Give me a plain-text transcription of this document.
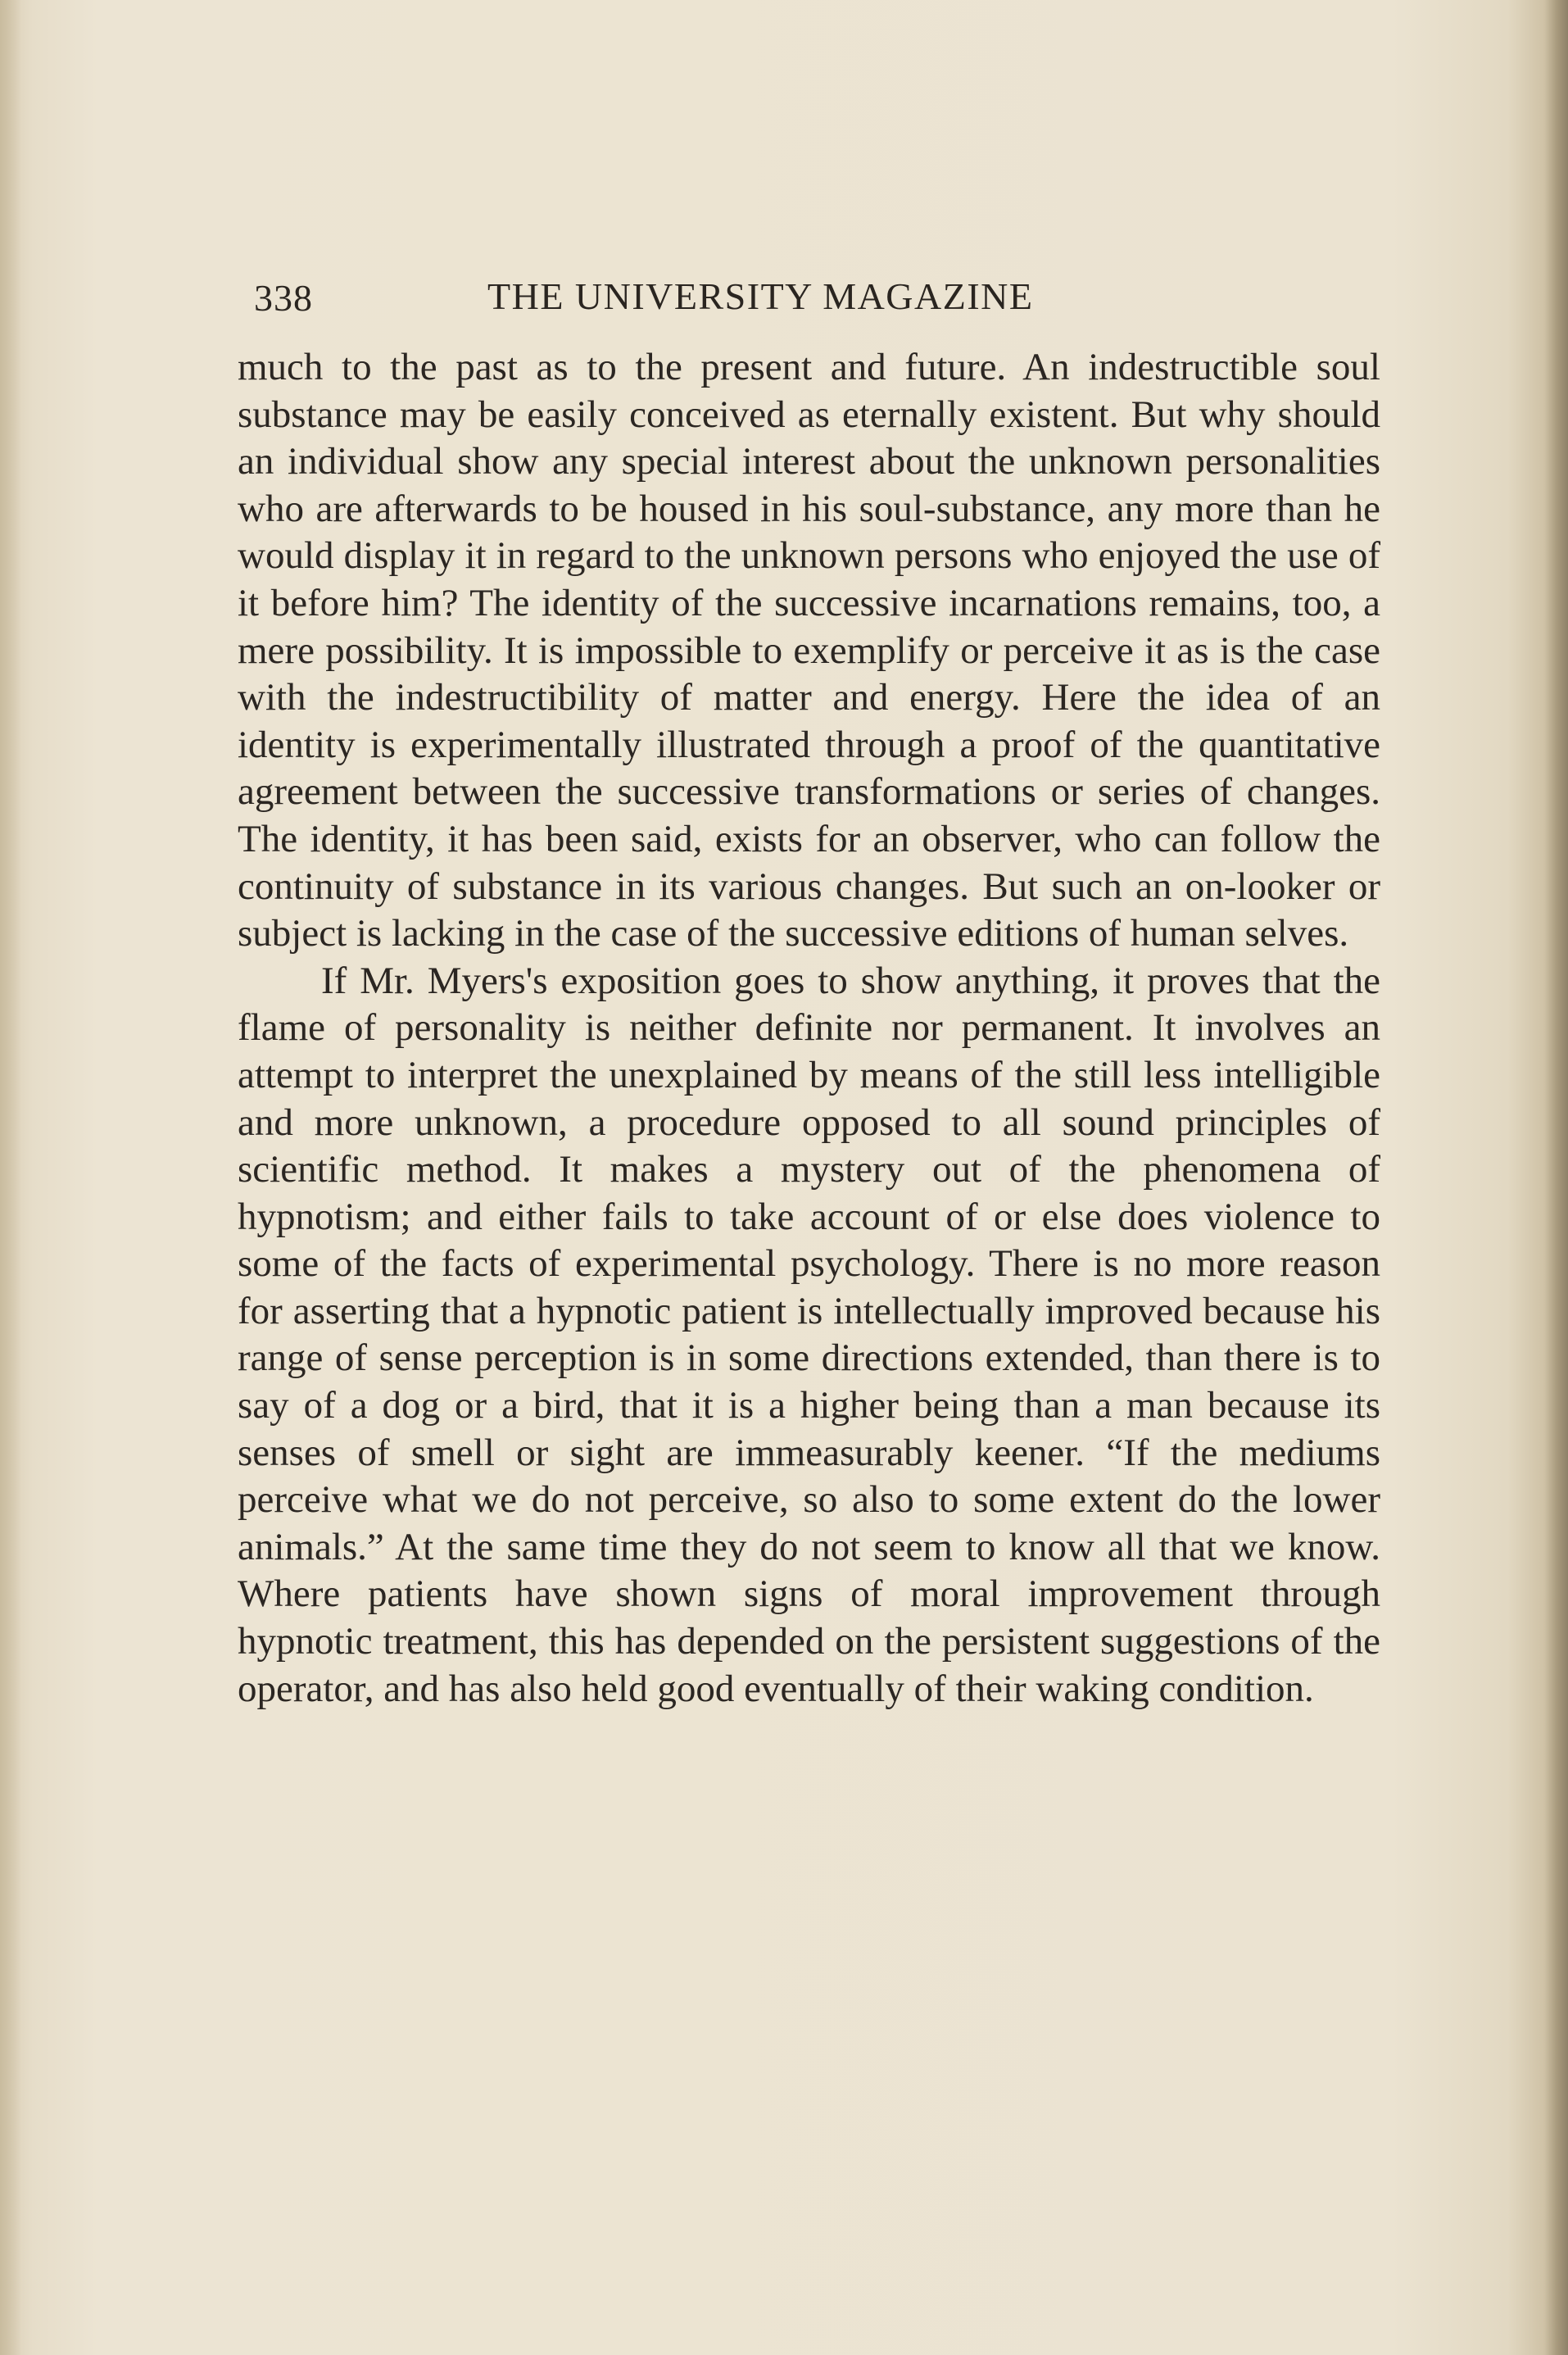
338	THE UNIVERSITY MAGAZINE

much to the past as to the present and future. An indestructible soul substance may be easily conceived as eternally existent. But why should an individual show any special interest about the unknown personalities who are afterwards to be housed in his soul-substance, any more than he would display it in regard to the unknown persons who enjoyed the use of it before him? The identity of the successive incarnations remains, too, a mere possibility. It is impossible to exemplify or perceive it as is the case with the indestructibility of matter and energy. Here the idea of an identity is experimentally illustrated through a proof of the quantitative agreement between the successive transformations or series of changes. The identity, it has been said, exists for an observer, who can follow the continuity of substance in its various changes. But such an on-looker or subject is lacking in the case of the successive editions of human selves.

If Mr. Myers's exposition goes to show anything, it proves that the flame of personality is neither definite nor permanent. It involves an attempt to interpret the unexplained by means of the still less intelligible and more unknown, a procedure opposed to all sound principles of scientific method. It makes a mystery out of the phenomena of hypnotism; and either fails to take account of or else does violence to some of the facts of experimental psychology. There is no more reason for asserting that a hypnotic patient is intellectually improved because his range of sense perception is in some directions extended, than there is to say of a dog or a bird, that it is a higher being than a man because its senses of smell or sight are immeasurably keener. “If the mediums perceive what we do not perceive, so also to some extent do the lower animals.” At the same time they do not seem to know all that we know. Where patients have shown signs of moral improvement through hypnotic treatment, this has depended on the persistent suggestions of the operator, and has also held good eventually of their waking condition.
